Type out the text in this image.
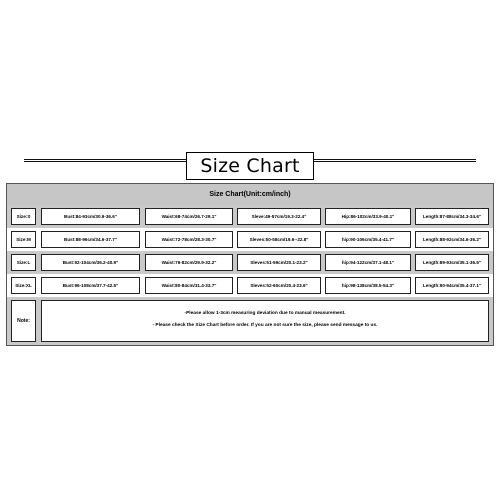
Size Chart
Size Chart(Unit:cm/inch)
Size:S	Bust:84-93cm/30.9-36.6"	Waist:68-74cm/26.7-29.1"	Sleve:49-57cm/19.3-22.4"	Hip:86-102cm/33.9-40.1"	Length:87-88cm/34.3-34.6"
Size:M	Bust:88-96cm/34.6-37.7"	Waist:72-78cm/28.3-30.7"	Sleves:50-58cm/19.6--22.8"	hip:90-106cm/35.4-41.7"	Length:88-92cm/34.6-36.2"
Size:L	Bust:92-104cm/36.2-40.9"	Waist:76-82cm/29.9-32.2"	Sleves:51-59cm/20.1-23.2"	hip:94-122cm/37.1-48.1"	Length:89-93cm/35.1-36.6"
Size:XL	Bust:96-108cm/37.7-42.5"	Waist:80-84cm/31.4-33.7"	Sleves:52-60cm/20.4-23.6"	hip:98-138cm/38.5-54.3"	Length:90-94cm/35.4-37.1"
Note:
-Please allow 1-3cm measuring deviation due to manual measurement.
- Please check the Size Chart before order. If you are not sure the size, please send message to us.
